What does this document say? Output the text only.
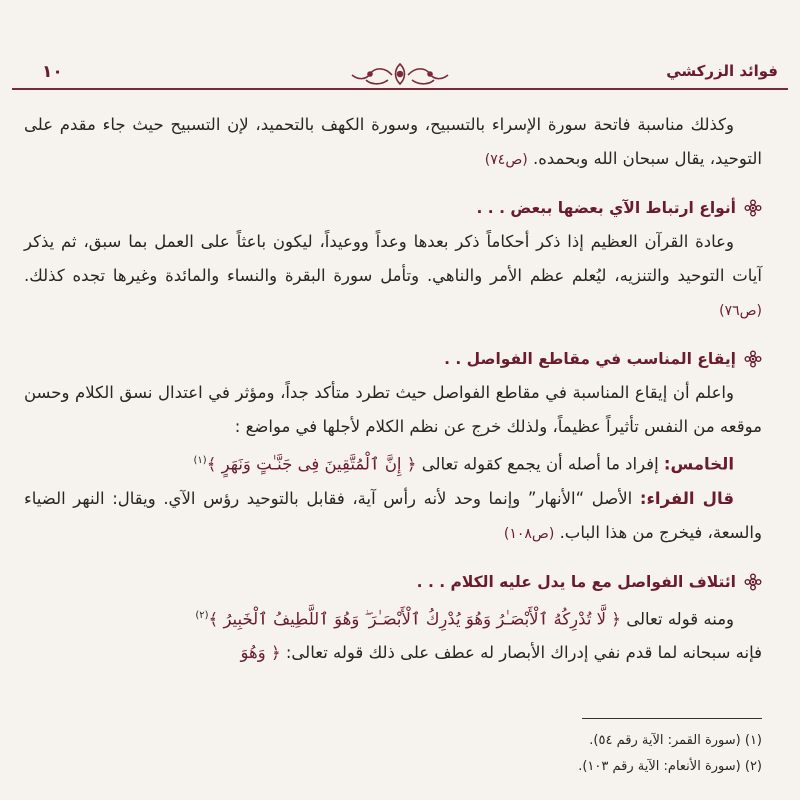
١٠	فوائد الزركشي

وكذلك مناسبة فاتحة سورة الإسراء بالتسبيح، وسورة الكهف بالتحميد، لإن التسبيح حيث جاء مقدم على التوحيد، يقال سبحان الله وبحمده. (ص٧٤)

أنواع ارتباط الآي بعضها ببعض . . .

وعادة القرآن العظيم إذا ذكر أحكاماً ذكر بعدها وعداً ووعيداً، ليكون باعثاً على العمل بما سبق، ثم يذكر آيات التوحيد والتنزيه، ليُعلم عظم الأمر والناهي. وتأمل سورة البقرة والنساء والمائدة وغيرها تجده كذلك. (ص٧٦)

إيقاع المناسب في مقاطع الفواصل . .

واعلم أن إيقاع المناسبة في مقاطع الفواصل حيث تطرد متأكد جداً، ومؤثر في اعتدال نسق الكلام وحسن موقعه من النفس تأثيراً عظيماً، ولذلك خرج عن نظم الكلام لأجلها في مواضع :

الخامس: إفراد ما أصله أن يجمع كقوله تعالى ﴿ إِنَّ ٱلْمُتَّقِينَ فِى جَنَّـٰتٍ وَنَهَرٍ ﴾$^{(١)}$

قال الفراء: الأصل “الأنهار” وإنما وحد لأنه رأس آية، فقابل بالتوحيد رؤس الآي. ويقال: النهر الضياء والسعة، فيخرج من هذا الباب. (ص١٠٨)

ائتلاف الفواصل مع ما يدل عليه الكلام . . .

ومنه قوله تعالى ﴿ لَّا تُدْرِكُهُ ٱلْأَبْصَـٰرُ وَهُوَ يُدْرِكُ ٱلْأَبْصَـٰرَ ۖ وَهُوَ ٱللَّطِيفُ ٱلْخَبِيرُ ﴾$^{(٢)}$

فإنه سبحانه لما قدم نفي إدراك الأبصار له عطف على ذلك قوله تعالى: ﴿ وَهُوَ

(١) (سورة القمر: الآية رقم ٥٤).

(٢) (سورة الأنعام: الآية رقم ١٠٣).
